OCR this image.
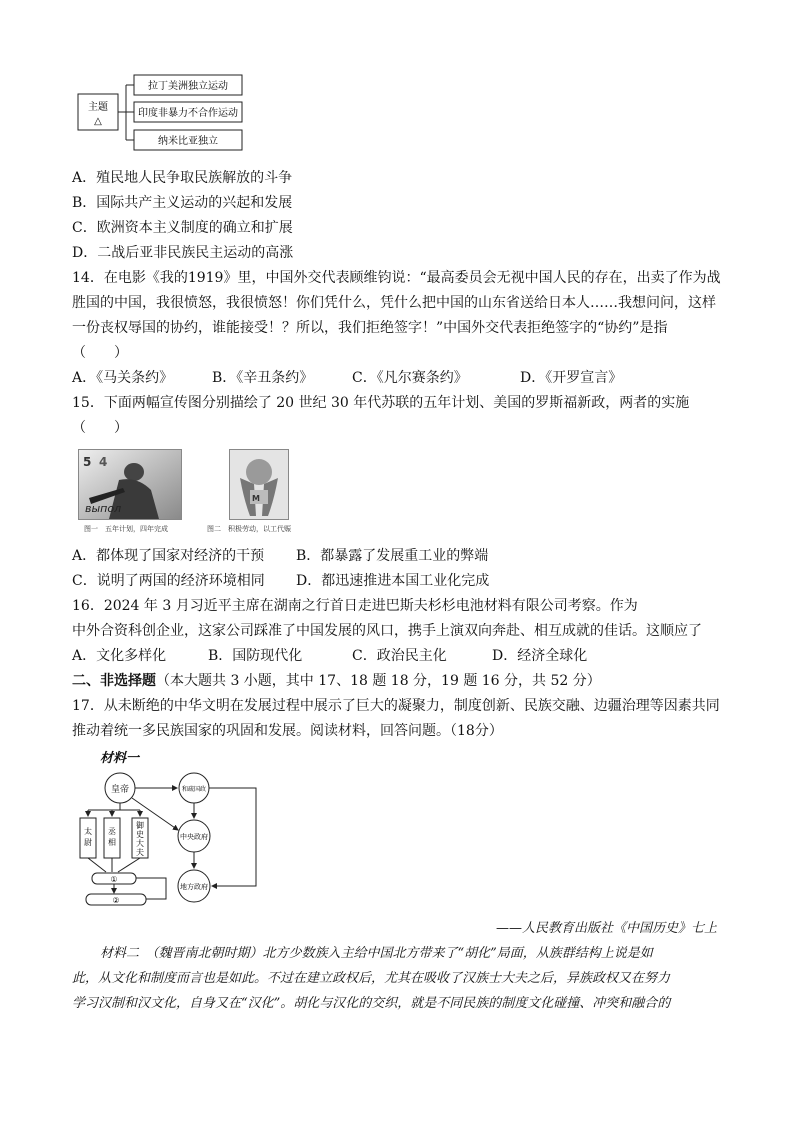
主题
△
拉丁美洲独立运动
印度非暴力不合作运动
纳米比亚独立
A．殖民地人民争取民族解放的斗争
B．国际共产主义运动的兴起和发展
C．欧洲资本主义制度的确立和扩展
D．二战后亚非民族民主运动的高涨
14．在电影《我的1919》里，中国外交代表顾维钧说：“最高委员会无视中国人民的存在，出卖了作为战
胜国的中国，我很愤怒，我很愤怒！你们凭什么，凭什么把中国的山东省送给日本人……我想问问，这样
一份丧权辱国的协约，谁能接受！？所以，我们拒绝签字！”中国外交代表拒绝签字的“协约”是指
（　　）
A．《马关条约》	B．《辛丑条约》	C．《凡尔赛条约》	D．《开罗宣言》
15．下面两幅宣传图分别描绘了 20 世纪 30 年代苏联的五年计划、美国的罗斯福新政，两者的实施
（　　）
5 4
выпол
M
图一　五年计划，四年完成	图二　积极劳动，以工代赈
A．都体现了国家对经济的干预 B．都暴露了发展重工业的弊端
C．说明了两国的经济环境相同 D．都迅速推进本国工业化完成
16．2024 年 3 月习近平主席在湖南之行首日走进巴斯夫杉杉电池材料有限公司考察。作为
中外合资科创企业，这家公司踩准了中国发展的风口，携手上演双向奔赴、相互成就的佳话。这顺应了
A．文化多样化	B．国防现代化	C．政治民主化	D．经济全球化
二、非选择题（本大题共 3 小题，其中 17、18 题 18 分，19 题 16 分，共 52 分）
17．从未断绝的中华文明在发展过程中展示了巨大的凝聚力，制度创新、民族交融、边疆治理等因素共同
推动着统一多民族国家的巩固和发展。阅读材料，回答问题。（18分）
材料一
皇帝	和疏国政
中央政府
地方政府
太尉
丞相
御史大夫
①
②
——人民教育出版社《中国历史》七上
材料二　（魏晋南北朝时期）北方少数族入主给中国北方带来了“胡化”局面，从族群结构上说是如
此，从文化和制度而言也是如此。不过在建立政权后，尤其在吸收了汉族士大夫之后，异族政权又在努力
学习汉制和汉文化，自身又在“汉化”。胡化与汉化的交织，就是不同民族的制度文化碰撞、冲突和融合的
